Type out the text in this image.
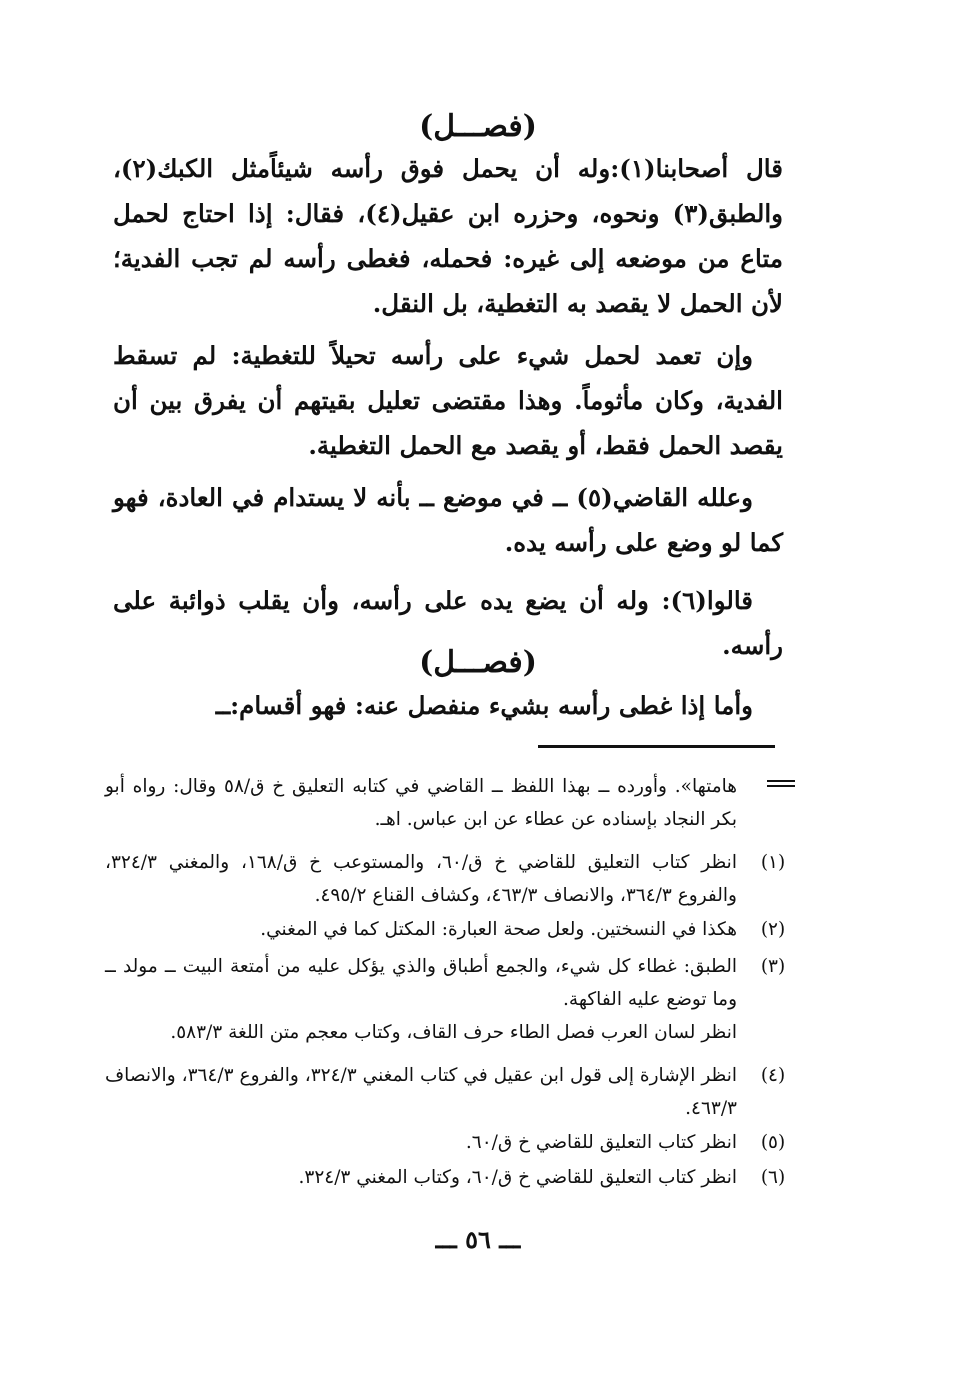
(فصـــل)
قال أصحابنا(١):وله أن يحمل فوق رأسه شيئاًمثل الكبك(٢)، والطبق(٣) ونحوه، وحزره ابن عقيل(٤)، فقال: إذا احتاج لحمل متاع من موضعه إلى غيره: فحمله، فغطى رأسه لم تجب الفدية؛ لأن الحمل لا يقصد به التغطية، بل النقل.
وإن تعمد لحمل شيء على رأسه تحيلاً للتغطية: لم تسقط الفدية، وكان مأثوماً. وهذا مقتضى تعليل بقيتهم أن يفرق بين أن يقصد الحمل فقط، أو يقصد مع الحمل التغطية.
وعلله القاضي(٥) ــ في موضع ــ بأنه لا يستدام في العادة، فهو كما لو وضع على رأسه يده.
قالوا(٦): وله أن يضع يده على رأسه، وأن يقلب ذوائبة على رأسه.
(فصـــل)
وأما إذا غطى رأسه بشيء منفصل عنه: فهو أقسام:ــ
هامتها». وأورده ــ بهذا اللفظ ــ القاضي في كتابه التعليق خ ق/٥٨ وقال: رواه أبو بكر النجاد بإسناده عن عطاء عن ابن عباس. اهـ.
(١)
انظر كتاب التعليق للقاضي خ ق/٦٠، والمستوعب خ ق/١٦٨، والمغني ٣٢٤/٣، والفروع ٣٦٤/٣، والانصاف ٤٦٣/٣، وكشاف القناع ٤٩٥/٢.
(٢)
هكذا في النسختين. ولعل صحة العبارة: المكتل كما في المغني.
(٣)
الطبق: غطاء كل شيء، والجمع أطباق والذي يؤكل عليه من أمتعة البيت ــ مولد ــ وما توضع عليه الفاكهة.
انظر لسان العرب فصل الطاء حرف القاف، وكتاب معجم متن اللغة ٥٨٣/٣.
(٤)
انظر الإشارة إلى قول ابن عقيل في كتاب المغني ٣٢٤/٣، والفروع ٣٦٤/٣، والانصاف ٤٦٣/٣.
(٥)
انظر كتاب التعليق للقاضي خ ق/٦٠.
(٦)
انظر كتاب التعليق للقاضي خ ق/٦٠، وكتاب المغني ٣٢٤/٣.
ـــ ٥٦ ـــ
